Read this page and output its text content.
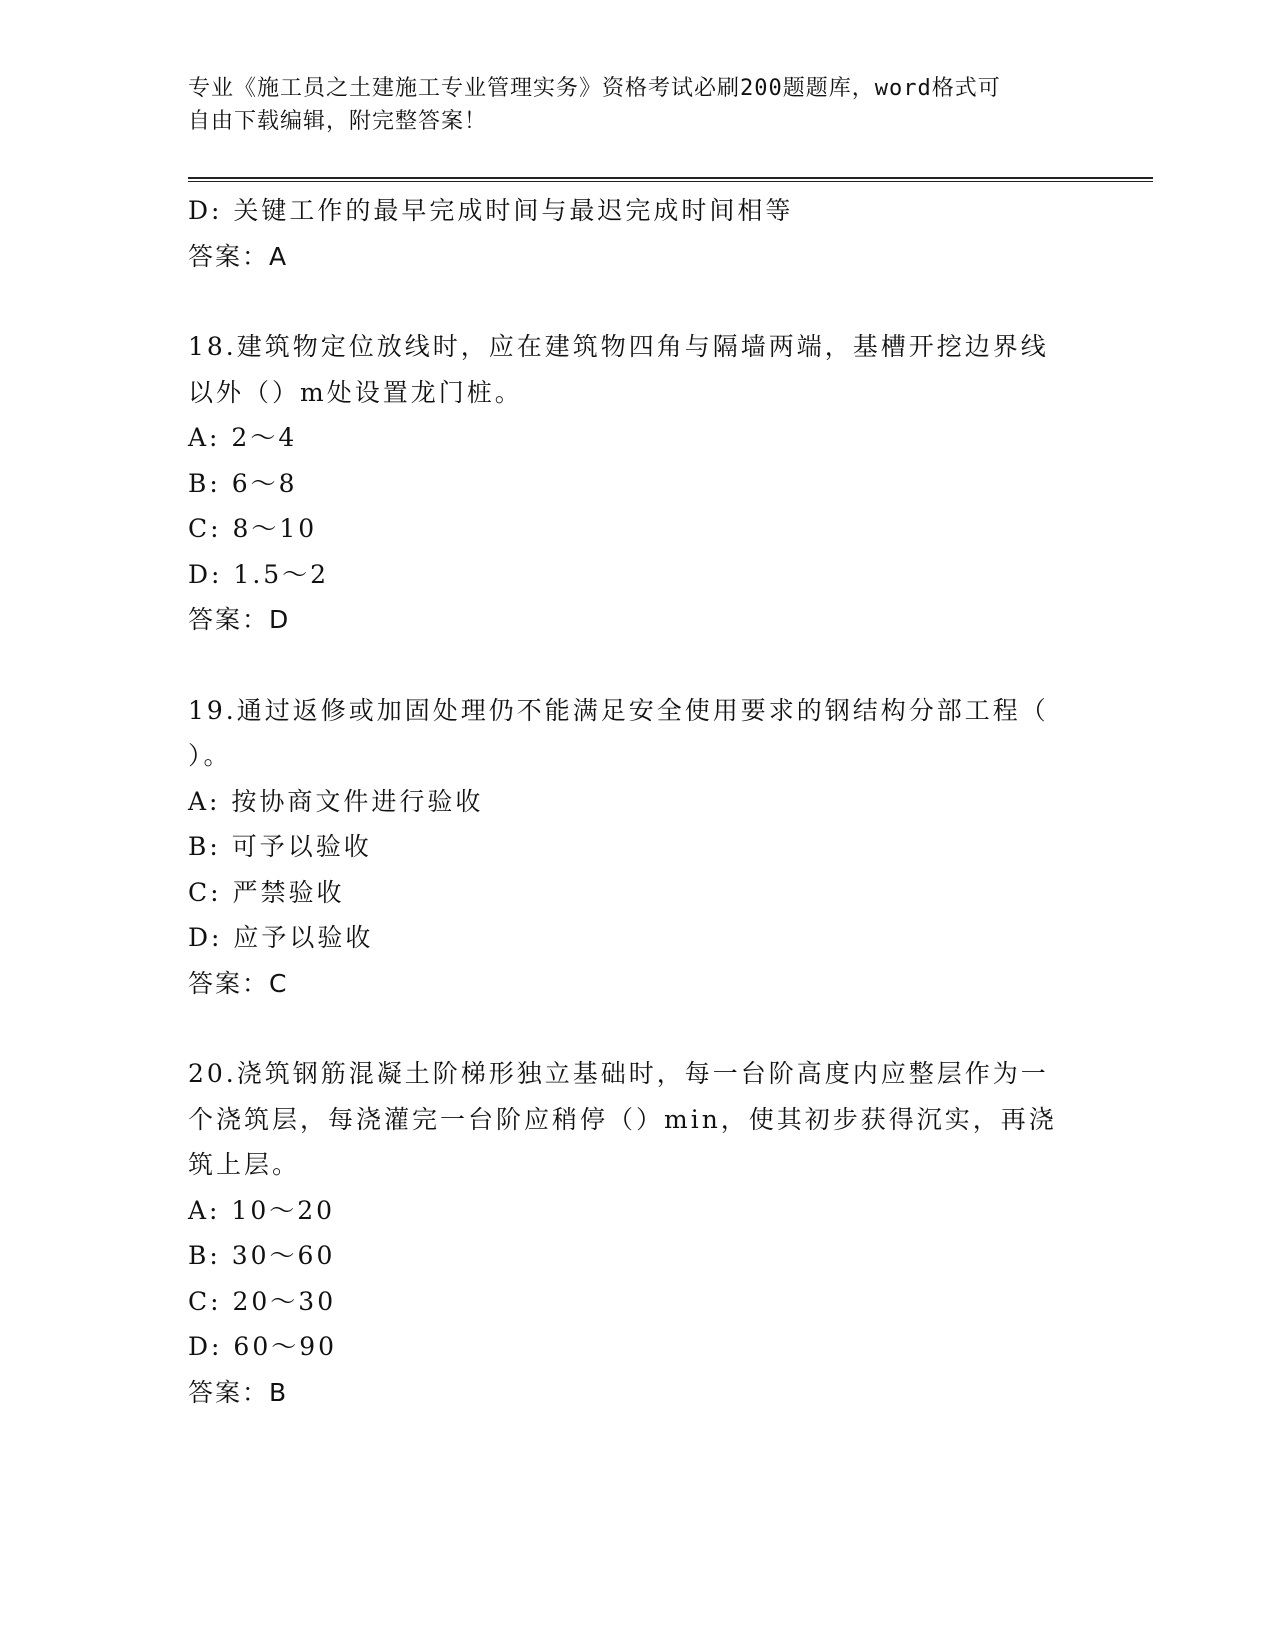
专业《施工员之土建施工专业管理实务》资格考试必刷200题题库，word格式可
自由下载编辑，附完整答案！
D: 关键工作的最早完成时间与最迟完成时间相等
答案：A
18.建筑物定位放线时，应在建筑物四角与隔墙两端，基槽开挖边界线
以外（）m处设置龙门桩。
A: 2～4
B: 6～8
C: 8～10
D: 1.5～2
答案：D
19.通过返修或加固处理仍不能满足安全使用要求的钢结构分部工程（
）。
A: 按协商文件进行验收
B: 可予以验收
C: 严禁验收
D: 应予以验收
答案：C
20.浇筑钢筋混凝土阶梯形独立基础时，每一台阶高度内应整层作为一
个浇筑层，每浇灌完一台阶应稍停（）min，使其初步获得沉实，再浇
筑上层。
A: 10～20
B: 30～60
C: 20～30
D: 60～90
答案：B
